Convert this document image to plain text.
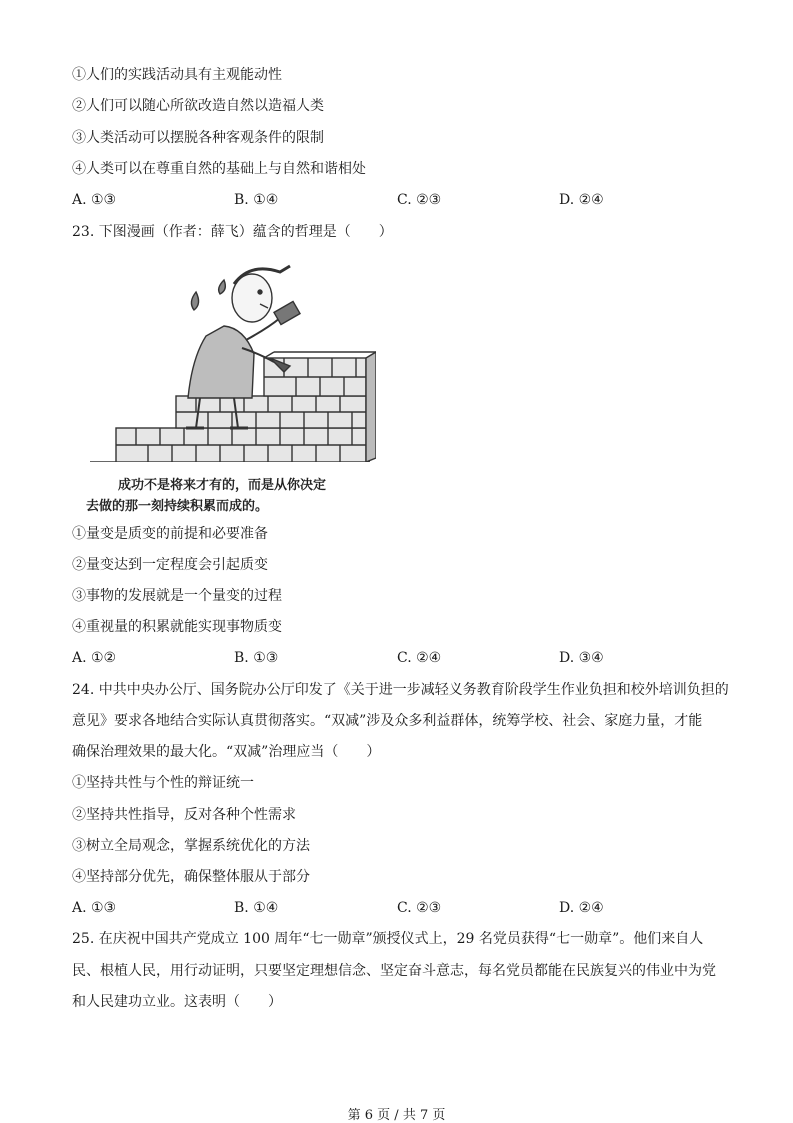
①人们的实践活动具有主观能动性
②人们可以随心所欲改造自然以造福人类
③人类活动可以摆脱各种客观条件的限制
④人类可以在尊重自然的基础上与自然和谐相处
A. ①③	B. ①④	C. ②③	D. ②④
23. 下图漫画（作者：薛飞）蕴含的哲理是（　　）
成功不是将来才有的，而是从你决定
去做的那一刻持续积累而成的。
①量变是质变的前提和必要准备
②量变达到一定程度会引起质变
③事物的发展就是一个量变的过程
④重视量的积累就能实现事物质变
A. ①②	B. ①③	C. ②④	D. ③④
24. 中共中央办公厅、国务院办公厅印发了《关于进一步减轻义务教育阶段学生作业负担和校外培训负担的
意见》要求各地结合实际认真贯彻落实。“双减”涉及众多利益群体，统筹学校、社会、家庭力量，才能
确保治理效果的最大化。“双减”治理应当（　　）
①坚持共性与个性的辩证统一
②坚持共性指导，反对各种个性需求
③树立全局观念，掌握系统优化的方法
④坚持部分优先，确保整体服从于部分
A. ①③	B. ①④	C. ②③	D. ②④
25. 在庆祝中国共产党成立 100 周年“七一勋章”颁授仪式上，29 名党员获得“七一勋章”。他们来自人
民、根植人民，用行动证明，只要坚定理想信念、坚定奋斗意志，每名党员都能在民族复兴的伟业中为党
和人民建功立业。这表明（　　）
第 6 页 / 共 7 页
